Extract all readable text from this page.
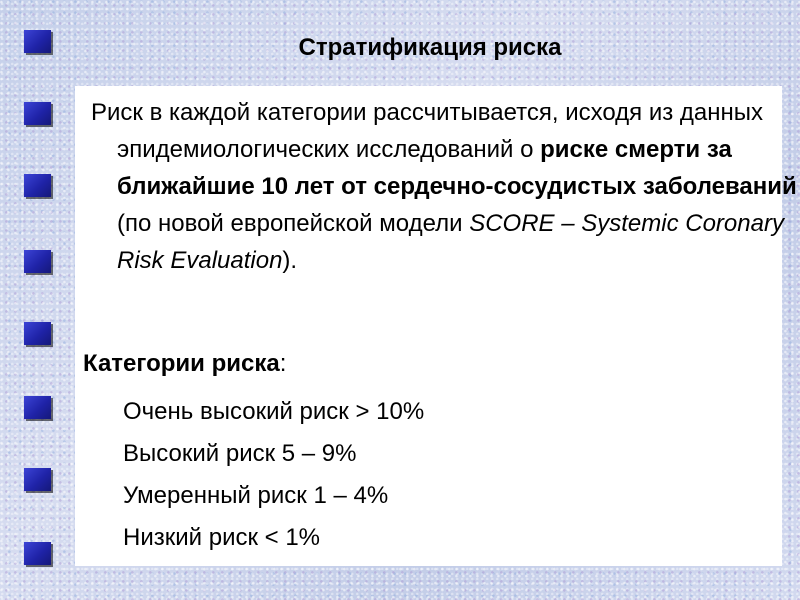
Стратификация риска

Риск в каждой категории рассчитывается, исходя из данных эпидемиологических исследований о риске смерти за ближайшие 10 лет от сердечно-сосудистых заболеваний (по новой европейской модели SCORE – Systemic Coronary Risk Evaluation).

Категории риска:
Очень высокий риск > 10%
Высокий риск 5 – 9%
Умеренный риск 1 – 4%
Низкий риск < 1%
